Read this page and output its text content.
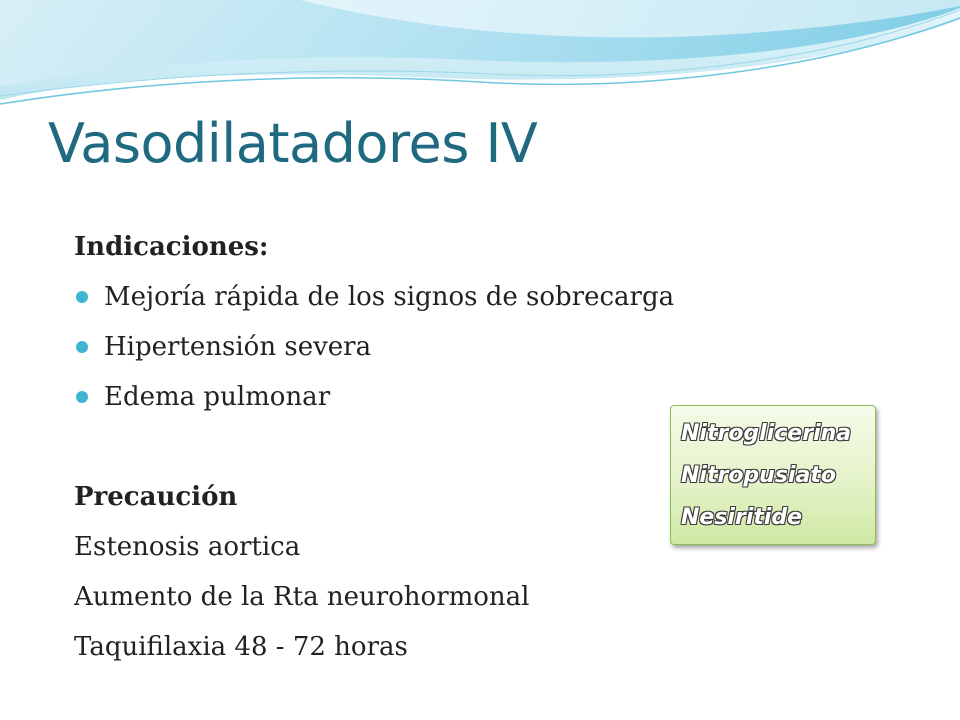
Vasodilatadores IV
Indicaciones:
Mejoría rápida de los signos de sobrecarga
Hipertensión severa
Edema pulmonar
Precaución
Estenosis aortica
Aumento de la Rta neurohormonal
Taquifilaxia 48 - 72 horas
Nitroglicerina
Nitropusiato
Nesiritide
